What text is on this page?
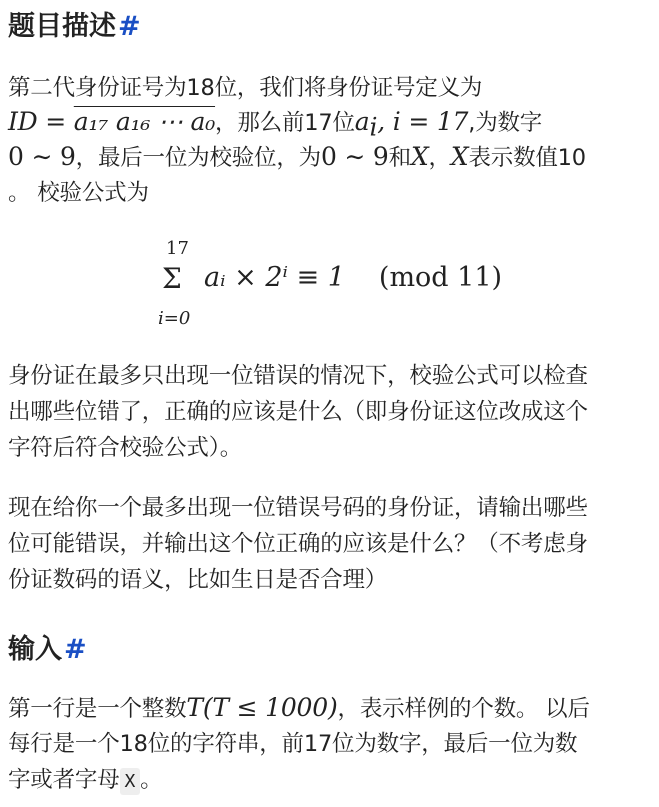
题目描述#
第二代身份证号为18位，我们将身份证号定义为
ID = a₁₇ a₁₆ ⋯ a₀，那么前17位$a_i$, i = 17,为数字
0 ∼ 9，最后一位为校验位，为0 ∼ 9和X，X表示数值10
。 校验公式为
17
Σ
i=0
aᵢ × 2ⁱ ≡ 1 (mod 11)
身份证在最多只出现一位错误的情况下，校验公式可以检查
出哪些位错了，正确的应该是什么（即身份证这位改成这个
字符后符合校验公式）。
现在给你一个最多出现一位错误号码的身份证，请输出哪些
位可能错误，并输出这个位正确的应该是什么？（不考虑身
份证数码的语义，比如生日是否合理）
输入#
第一行是一个整数T(T ≤ 1000)，表示样例的个数。 以后
每行是一个18位的字符串，前17位为数字，最后一位为数
字或者字母 X 。
